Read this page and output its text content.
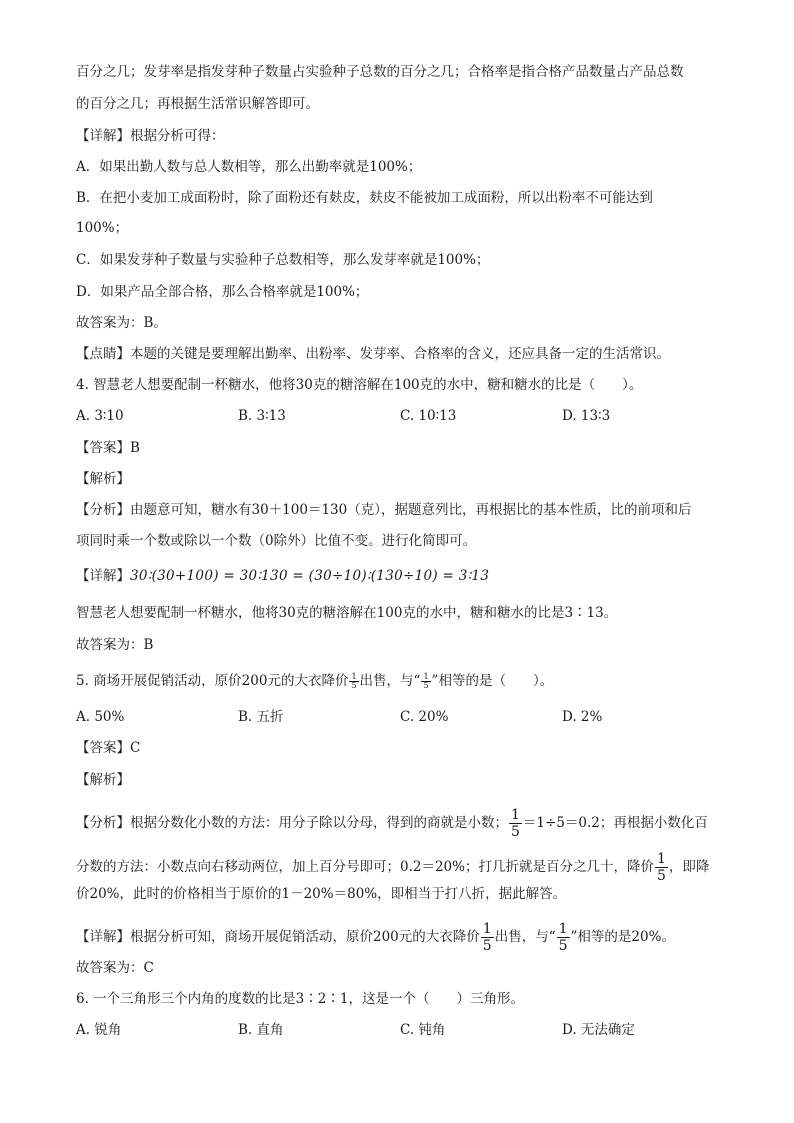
百分之几；发芽率是指发芽种子数量占实验种子总数的百分之几；合格率是指合格产品数量占产品总数
的百分之几；再根据生活常识解答即可。
【详解】根据分析可得：
A．如果出勤人数与总人数相等，那么出勤率就是100%；
B．在把小麦加工成面粉时，除了面粉还有麸皮，麸皮不能被加工成面粉，所以出粉率不可能达到
100%；
C．如果发芽种子数量与实验种子总数相等，那么发芽率就是100%；
D．如果产品全部合格，那么合格率就是100%；
故答案为：B。
【点睛】本题的关键是要理解出勤率、出粉率、发芽率、合格率的含义，还应具备一定的生活常识。
4. 智慧老人想要配制一杯糖水，他将30克的糖溶解在100克的水中，糖和糖水的比是（　　）。
A. 3∶10	B. 3∶13	C. 10∶13	D. 13∶3
【答案】B
【解析】
【分析】由题意可知，糖水有30＋100＝130（克），据题意列比，再根据比的基本性质，比的前项和后
项同时乘一个数或除以一个数（0除外）比值不变。进行化简即可。
【详解】30∶(30+100) = 30∶130 = (30÷10)∶(130÷10) = 3∶13
智慧老人想要配制一杯糖水，他将30克的糖溶解在100克的水中，糖和糖水的比是3∶13。
故答案为：B
5. 商场开展促销活动，原价200元的大衣降价 $\frac{1}{5}$ 出售，与“ $\frac{1}{5}$ ”相等的是（　　）。
A. 50%	B. 五折	C. 20%	D. 2%
【答案】C
【解析】
【分析】根据分数化小数的方法：用分子除以分母，得到的商就是小数； $\frac{1}{5} =1\div 5=0.2$；再根据小数化百
分数的方法：小数点向右移动两位，加上百分号即可；0.2＝20%；打几折就是百分之几十，降价 $\frac{1}{5}$ ，即降
价20%，此时的价格相当于原价的1－20%＝80%，即相当于打八折，据此解答。
【详解】根据分析可知，商场开展促销活动，原价200元的大衣降价 $\frac{1}{5}$ 出售，与“ $\frac{1}{5}$ ”相等的是20%。
故答案为：C
6. 一个三角形三个内角的度数的比是3∶2∶1，这是一个（　　）三角形。
A. 锐角	B. 直角	C. 钝角	D. 无法确定
